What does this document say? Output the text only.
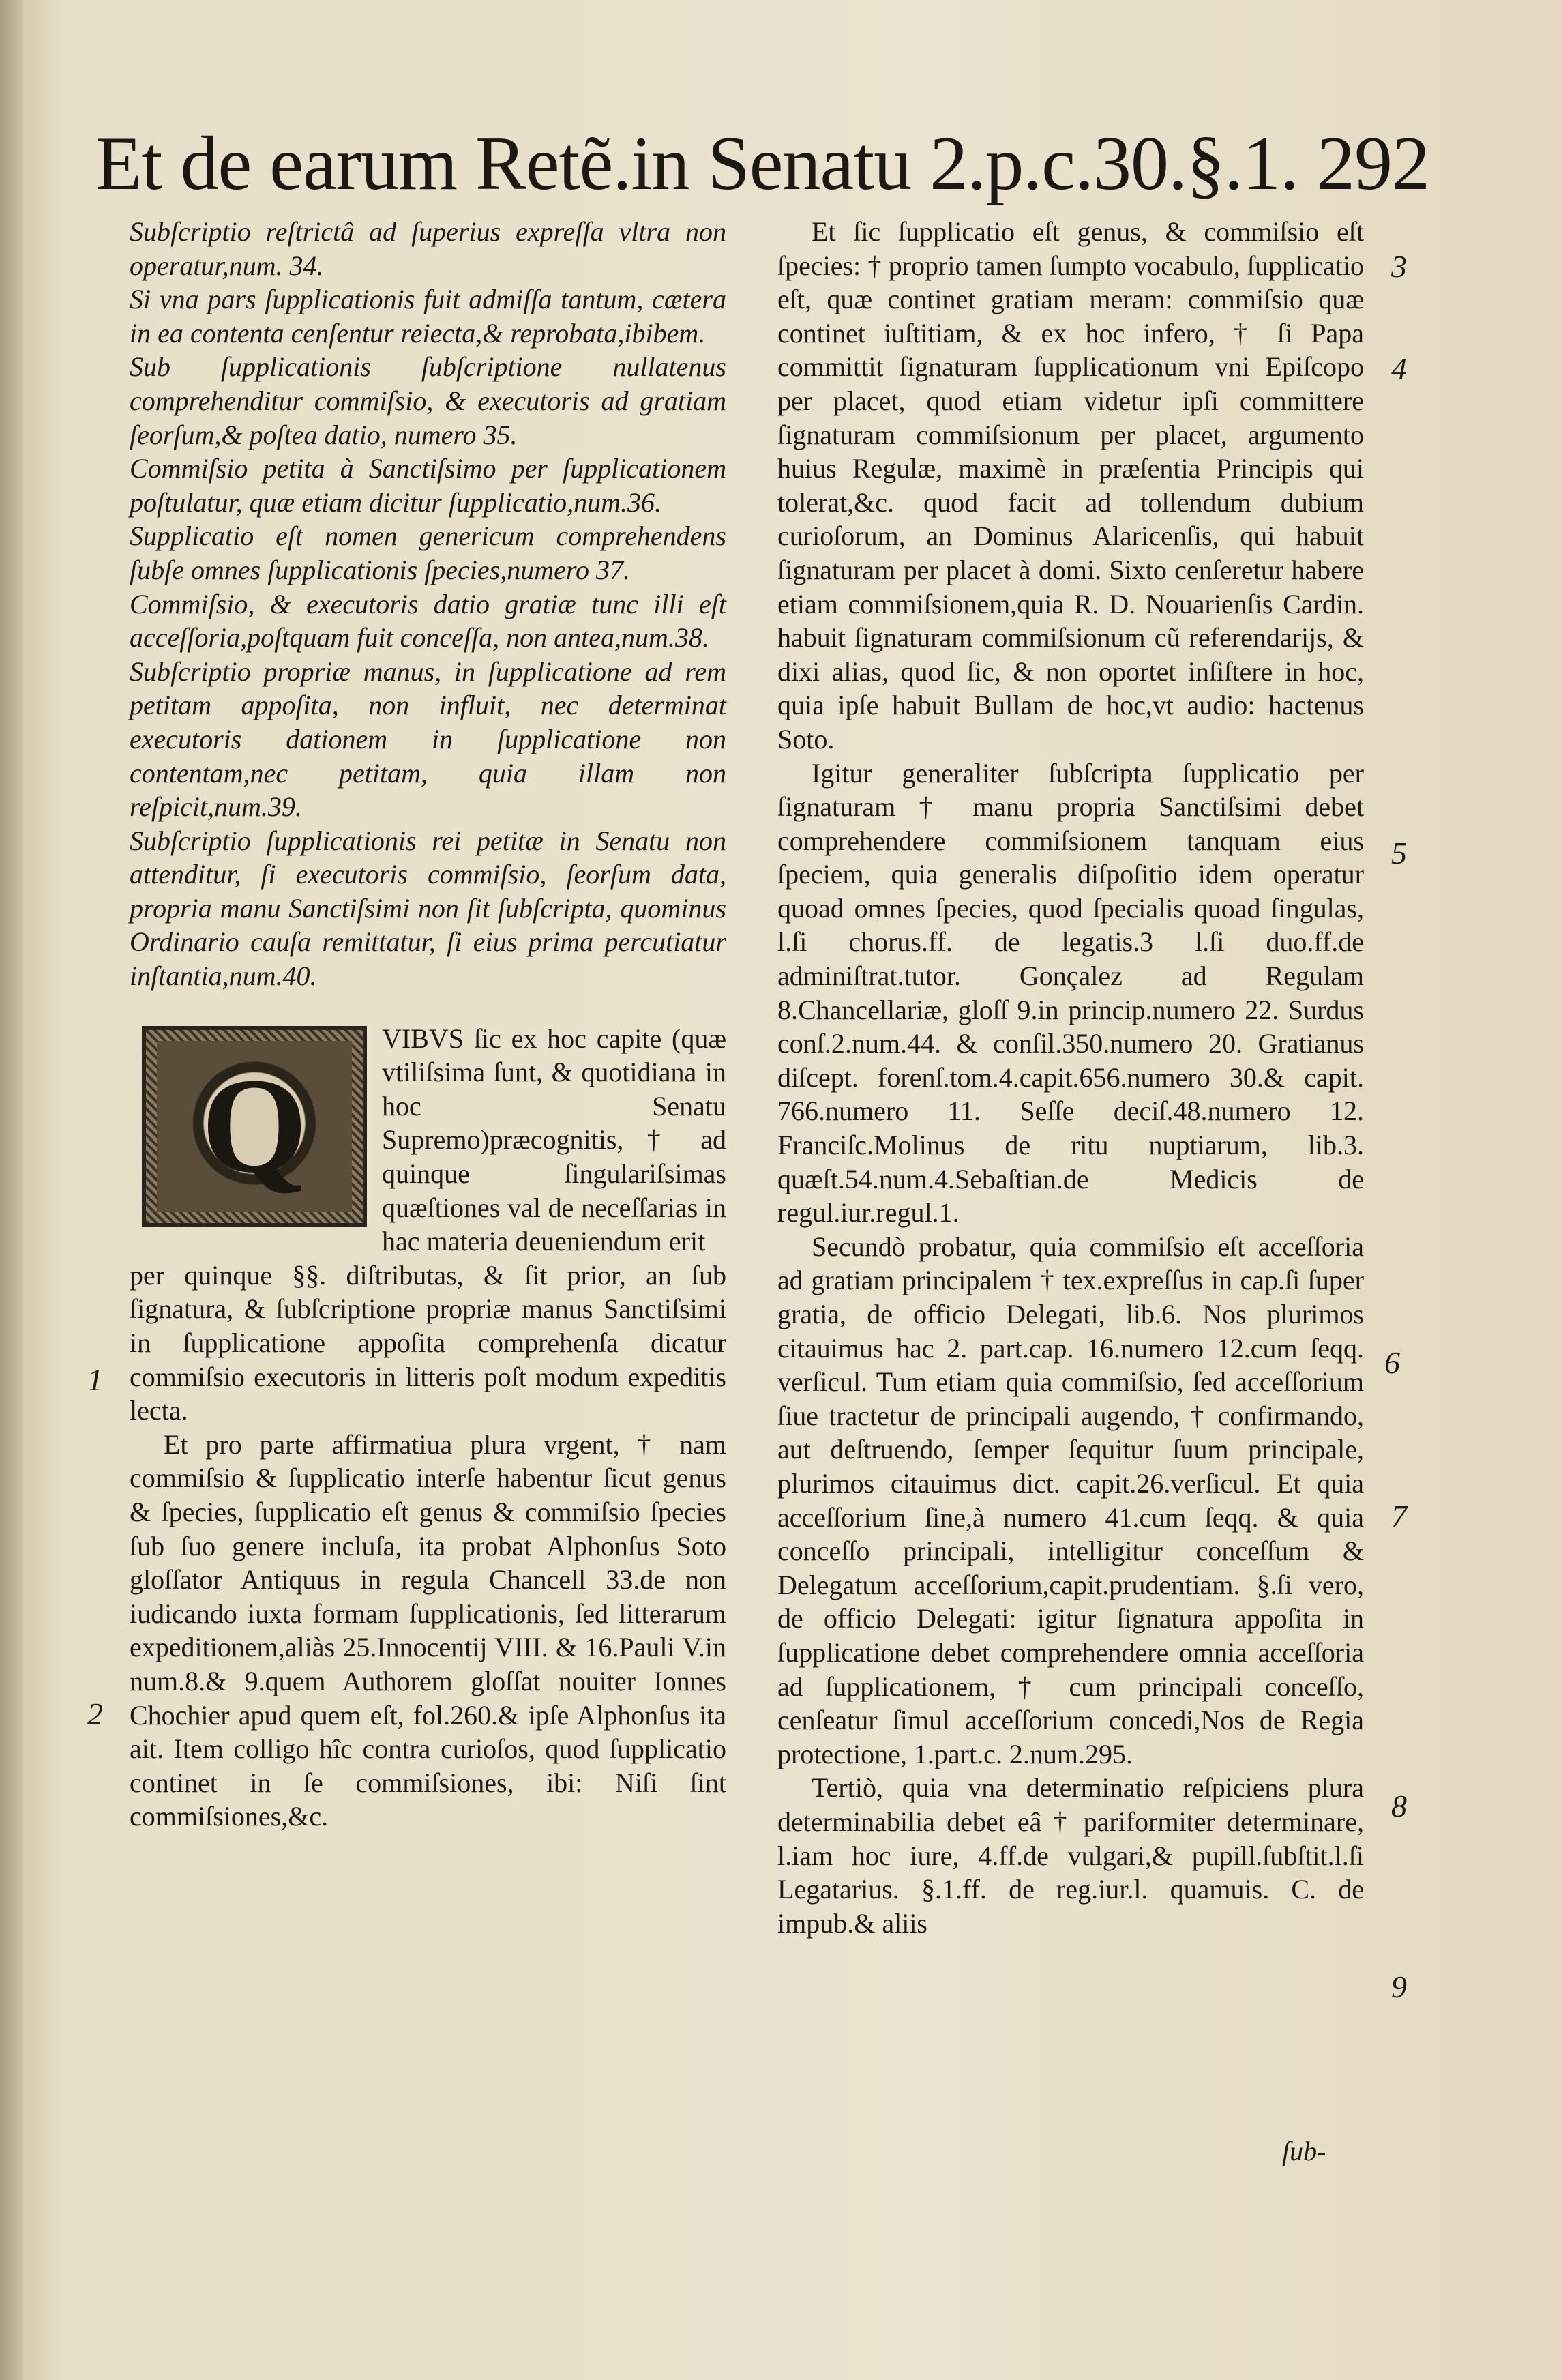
Et de earum Retẽ.in Senatu 2.p.c.30.§.1. 292

Subſcriptio reſtrictâ ad ſuperius expreſſa vltra non operatur,num. 34.

Si vna pars ſupplicationis fuit admiſſa tantum, cætera in ea contenta cenſentur reiecta,& reprobata,ibibem.

Sub ſupplicationis ſubſcriptione nullatenus comprehenditur commiſsio, & executoris ad gratiam ſeorſum,& poſtea datio, numero 35.

Commiſsio petita à Sanctiſsimo per ſupplicationem poſtulatur, quæ etiam dicitur ſupplicatio,num.36.

Supplicatio eſt nomen genericum comprehendens ſubſe omnes ſupplicationis ſpecies,numero 37.

Commiſsio, & executoris datio gratiæ tunc illi eſt acceſſoria,poſtquam fuit conceſſa, non antea,num.38.

Subſcriptio propriæ manus, in ſupplicatione ad rem petitam appoſita, non influit, nec determinat executoris dationem in ſupplicatione non contentam,nec petitam, quia illam non reſpicit,num.39.

Subſcriptio ſupplicationis rei petitæ in Senatu non attenditur, ſi executoris commiſsio, ſeorſum data, propria manu Sanctiſsimi non ſit ſubſcripta, quominus Ordinario cauſa remittatur, ſi eius prima percutiatur inſtantia,num.40.

Q

VIBVS ſic ex hoc capite (quæ vtiliſsima ſunt, & quotidiana in hoc Senatu Supremo)præcognitis, † ad quinque ſingulariſsimas quæſtiones val de neceſſarias in hac materia deueniendum erit

per quinque §§. diſtributas, & ſit prior, an ſub ſignatura, & ſubſcriptione propriæ manus Sanctiſsimi in ſupplicatione appoſita comprehenſa dicatur commiſsio executoris in litteris poſt modum expeditis lecta.

Et pro parte affirmatiua plura vrgent, † nam commiſsio & ſupplicatio interſe habentur ſicut genus & ſpecies, ſupplicatio eſt genus & commiſsio ſpecies ſub ſuo genere incluſa, ita probat Alphonſus Soto gloſſator Antiquus in regula Chancell 33.de non iudicando iuxta formam ſupplicationis, ſed litterarum expeditionem,aliàs 25.Innocentij VIII. & 16.Pauli V.in num.8.& 9.quem Authorem gloſſat nouiter Ionnes Chochier apud quem eſt, fol.260.& ipſe Alphonſus ita ait. Item colligo hîc contra curioſos, quod ſupplicatio continet in ſe commiſsiones, ibi: Niſi ſint commiſsiones,&c.

Et ſic ſupplicatio eſt genus, & commiſsio eſt ſpecies: † proprio tamen ſumpto vocabulo, ſupplicatio eſt, quæ continet gratiam meram: commiſsio quæ continet iuſtitiam, & ex hoc infero, † ſi Papa committit ſignaturam ſupplicationum vni Epiſcopo per placet, quod etiam videtur ipſi committere ſignaturam commiſsionum per placet, argumento huius Regulæ, maximè in præſentia Principis qui tolerat,&c. quod facit ad tollendum dubium curioſorum, an Dominus Alaricenſis, qui habuit ſignaturam per placet à domi. Sixto cenſeretur habere etiam commiſsionem,quia R. D. Nouarienſis Cardin. habuit ſignaturam commiſsionum cũ referendarijs, & dixi alias, quod ſic, & non oportet inſiſtere in hoc, quia ipſe habuit Bullam de hoc,vt audio: hactenus Soto.

Igitur generaliter ſubſcripta ſupplicatio per ſignaturam † manu propria Sanctiſsimi debet comprehendere commiſsionem tanquam eius ſpeciem, quia generalis diſpoſitio idem operatur quoad omnes ſpecies, quod ſpecialis quoad ſingulas, l.ſi chorus.ff. de legatis.3 l.ſi duo.ff.de adminiſtrat.tutor. Gonçalez ad Regulam 8.Chancellariæ, gloſſ 9.in princip.numero 22. Surdus conſ.2.num.44. & conſil.350.numero 20. Gratianus diſcept. forenſ.tom.4.capit.656.numero 30.& capit. 766.numero 11. Seſſe deciſ.48.numero 12. Franciſc.Molinus de ritu nuptiarum, lib.3. quæſt.54.num.4.Sebaſtian.de Medicis de regul.iur.regul.1.

Secundò probatur, quia commiſsio eſt acceſſoria ad gratiam principalem † tex.expreſſus in cap.ſi ſuper gratia, de officio Delegati, lib.6. Nos plurimos citauimus hac 2. part.cap. 16.numero 12.cum ſeqq. verſicul. Tum etiam quia commiſsio, ſed acceſſorium ſiue tractetur de principali augendo, † confirmando, aut deſtruendo, ſemper ſequitur ſuum principale, plurimos citauimus dict. capit.26.verſicul. Et quia acceſſorium ſine,à numero 41.cum ſeqq. & quia conceſſo principali, intelligitur conceſſum & Delegatum acceſſorium,capit.prudentiam. §.ſi vero, de officio Delegati: igitur ſignatura appoſita in ſupplicatione debet comprehendere omnia acceſſoria ad ſupplicationem, † cum principali conceſſo, cenſeatur ſimul acceſſorium concedi,Nos de Regia protectione, 1.part.c. 2.num.295.

Tertiò, quia vna determinatio reſpiciens plura determinabilia debet eâ † pariformiter determinare, l.iam hoc iure, 4.ff.de vulgari,& pupill.ſubſtit.l.ſi Legatarius. §.1.ff. de reg.iur.l. quamuis. C. de impub.& aliis

1
2
3
4
5
6
7
8
9
ſub-
